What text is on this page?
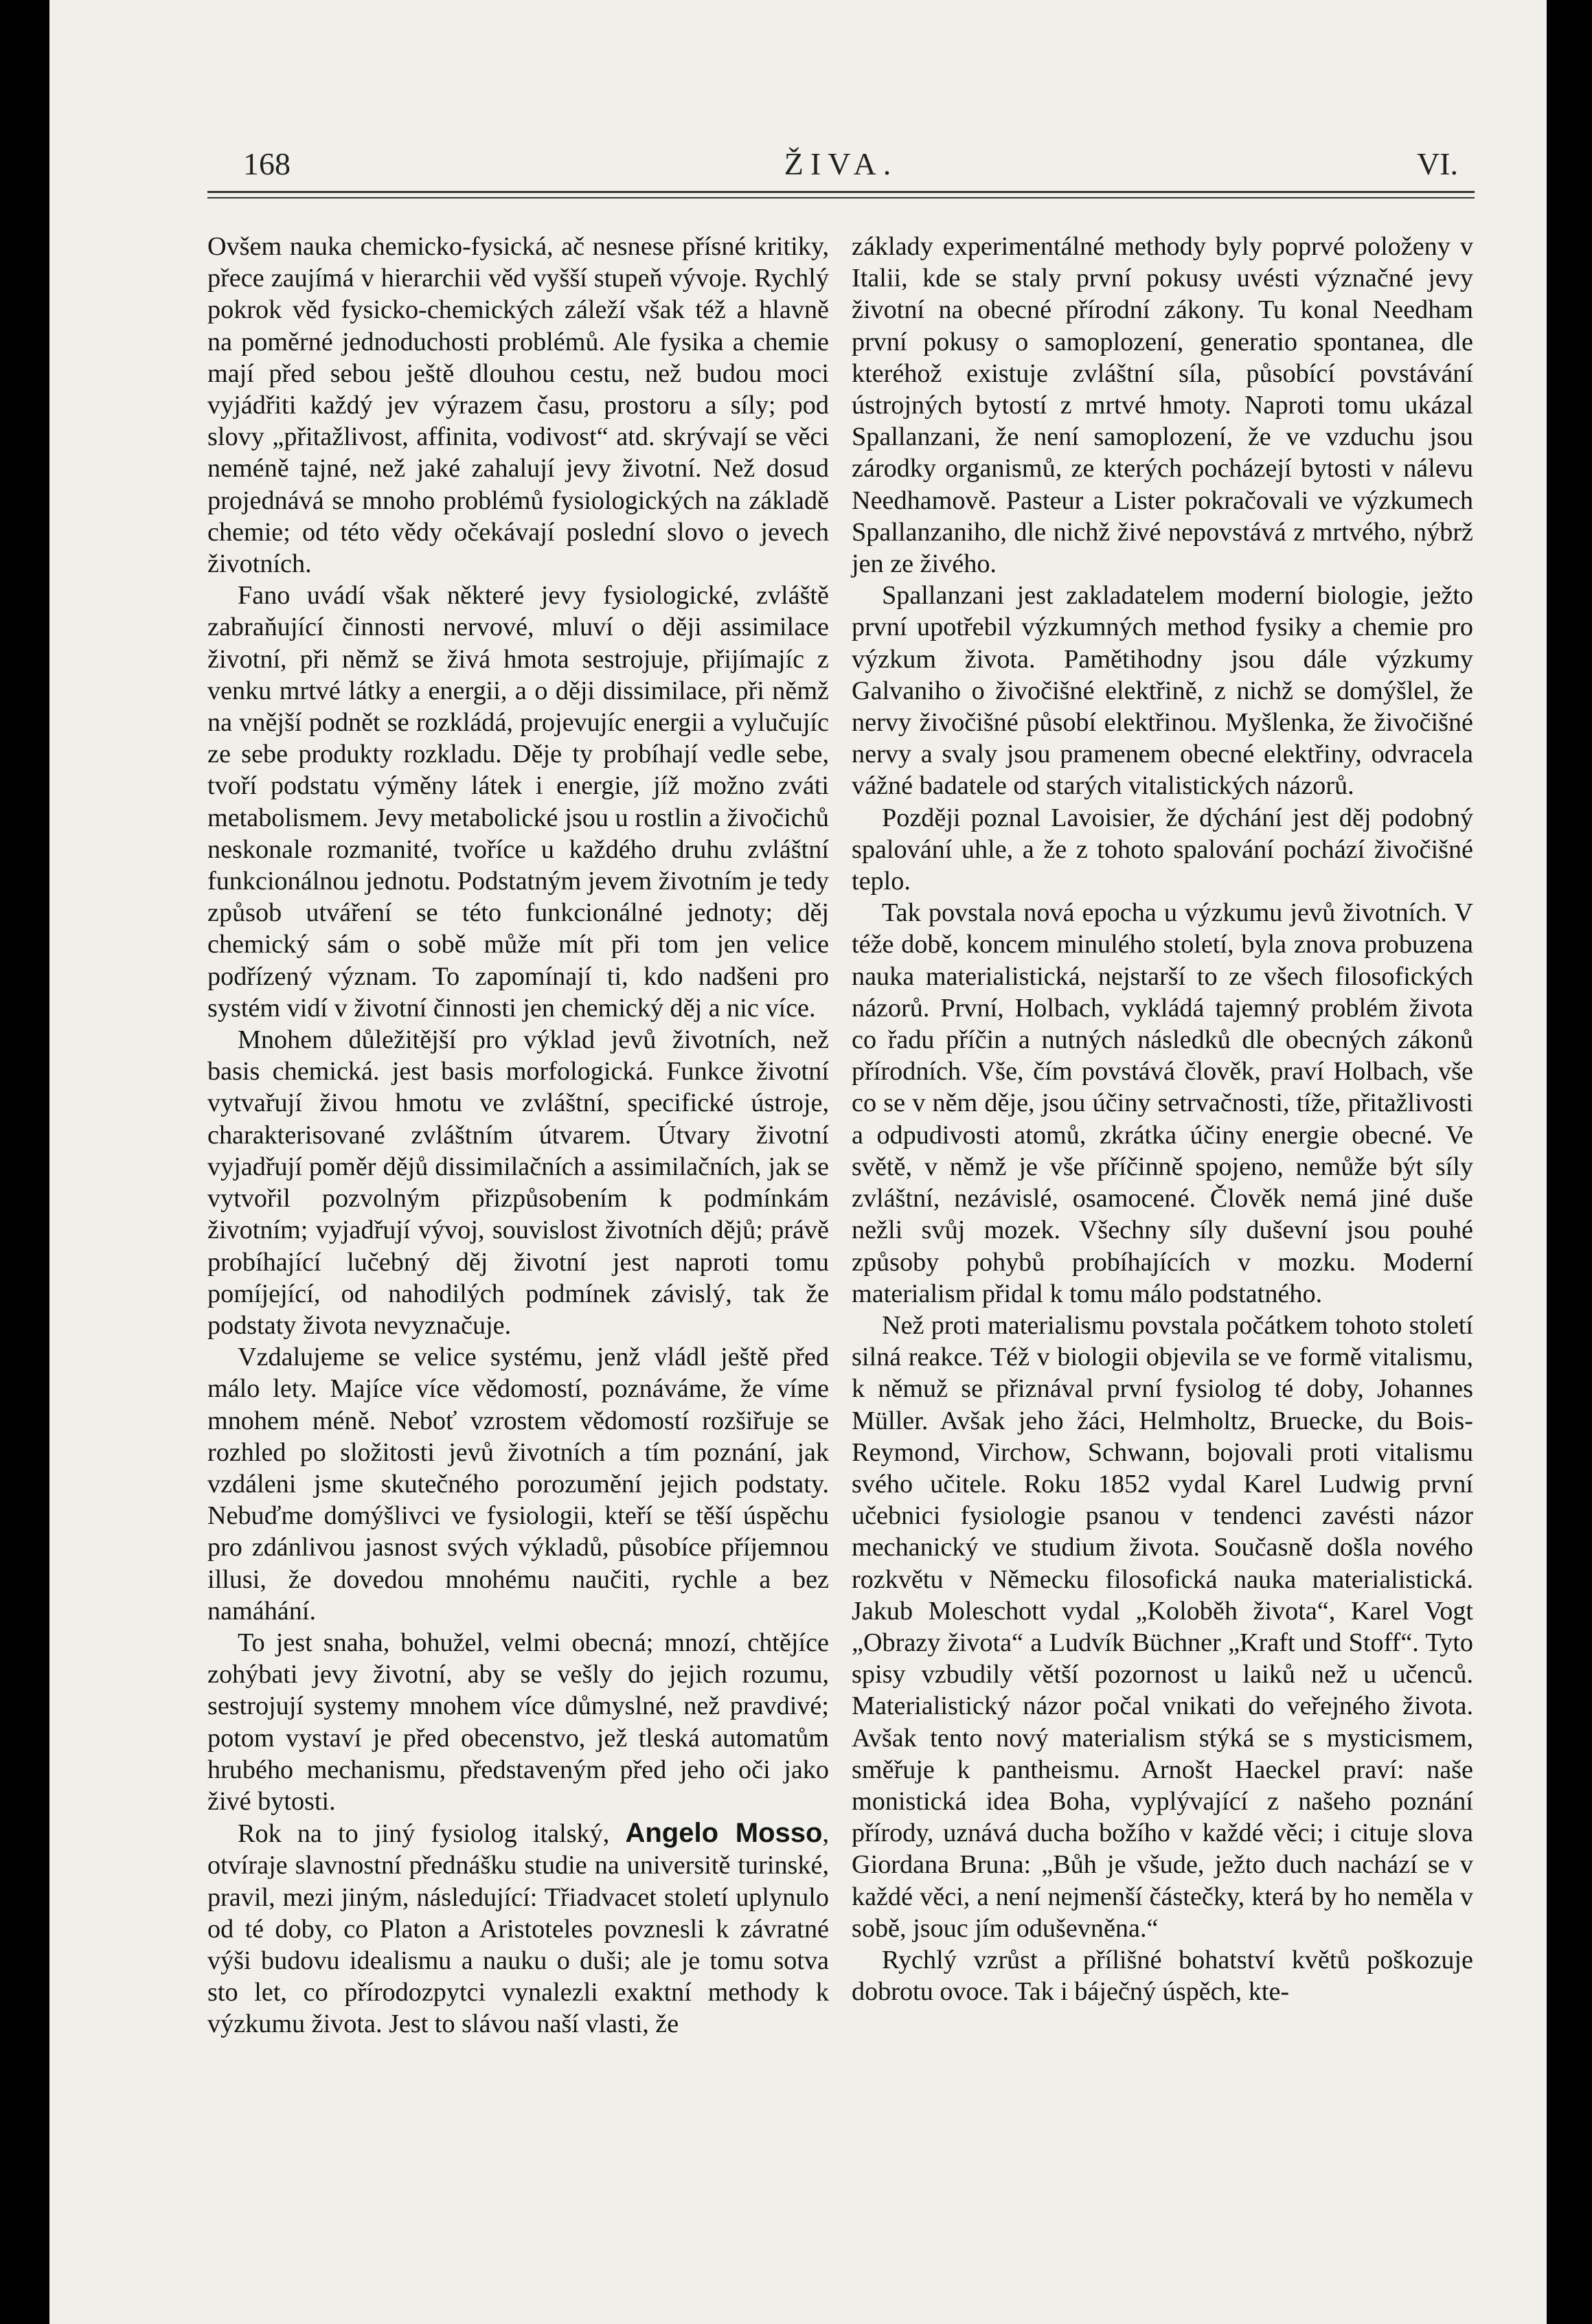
168	ŽIVA.	VI.

Ovšem nauka chemicko-fysická, ač nesnese přísné kritiky, přece zaujímá v hierarchii věd vyšší stupeň vývoje. Rychlý pokrok věd fysicko-chemických záleží však též a hlavně na poměrné jednoduchosti problémů. Ale fysika a chemie mají před sebou ještě dlouhou cestu, než budou moci vyjádřiti každý jev výrazem času, prostoru a síly; pod slovy „přitažlivost, affinita, vodivost“ atd. skrývají se věci neméně tajné, než jaké zahalují jevy životní. Než dosud projednává se mnoho problémů fysiologických na základě chemie; od této vědy očekávají poslední slovo o jevech životních.

Fano uvádí však některé jevy fysiologické, zvláště zabraňující činnosti nervové, mluví o ději assimilace životní, při němž se živá hmota sestrojuje, přijímajíc z venku mrtvé látky a energii, a o ději dissimilace, při němž na vnější podnět se rozkládá, projevujíc energii a vylučujíc ze sebe produkty rozkladu. Děje ty probíhají vedle sebe, tvoří podstatu výměny látek i energie, jíž možno zváti metabolismem. Jevy metabolické jsou u rostlin a živočichů neskonale rozmanité, tvoříce u každého druhu zvláštní funkcionálnou jednotu. Podstatným jevem životním je tedy způsob utváření se této funkcionálné jednoty; děj chemický sám o sobě může mít při tom jen velice podřízený význam. To zapomínají ti, kdo nadšeni pro systém vidí v životní činnosti jen chemický děj a nic více.

Mnohem důležitější pro výklad jevů životních, než basis chemická. jest basis morfologická. Funkce životní vytvařují živou hmotu ve zvláštní, specifické ústroje, charakterisované zvláštním útvarem. Útvary životní vyjadřují poměr dějů dissimilačních a assimilačních, jak se vytvořil pozvolným přizpůsobením k podmínkám životním; vyjadřují vývoj, souvislost životních dějů; právě probíhající lučebný děj životní jest naproti tomu pomíjející, od nahodilých podmínek závislý, tak že podstaty života nevyznačuje.

Vzdalujeme se velice systému, jenž vládl ještě před málo lety. Majíce více vědomostí, poznáváme, že víme mnohem méně. Neboť vzrostem vědomostí rozšiřuje se rozhled po složitosti jevů životních a tím poznání, jak vzdáleni jsme skutečného porozumění jejich podstaty. Nebuďme domýšlivci ve fysiologii, kteří se těší úspěchu pro zdánlivou jasnost svých výkladů, působíce příjemnou illusi, že dovedou mnohému naučiti, rychle a bez namáhání.

To jest snaha, bohužel, velmi obecná; mnozí, chtějíce zohýbati jevy životní, aby se vešly do jejich rozumu, sestrojují systemy mnohem více důmyslné, než pravdivé; potom vystaví je před obecenstvo, jež tleská automatům hrubého mechanismu, představeným před jeho oči jako živé bytosti.

Rok na to jiný fysiolog italský, Angelo Mosso, otvíraje slavnostní přednášku studie na universitě turinské, pravil, mezi jiným, následující: Třiadvacet století uplynulo od té doby, co Platon a Aristoteles povznesli k závratné výši budovu idealismu a nauku o duši; ale je tomu sotva sto let, co přírodozpytci vynalezli exaktní methody k výzkumu života. Jest to slávou naší vlasti, že

základy experimentálné methody byly poprvé položeny v Italii, kde se staly první pokusy uvésti význačné jevy životní na obecné přírodní zákony. Tu konal Needham první pokusy o samoplození, generatio spontanea, dle kteréhož existuje zvláštní síla, působící povstávání ústrojných bytostí z mrtvé hmoty. Naproti tomu ukázal Spallanzani, že není samoplození, že ve vzduchu jsou zárodky organismů, ze kterých pocházejí bytosti v nálevu Needhamově. Pasteur a Lister pokračovali ve výzkumech Spallanzaniho, dle nichž živé nepovstává z mrtvého, nýbrž jen ze živého.

Spallanzani jest zakladatelem moderní biologie, ježto první upotřebil výzkumných method fysiky a chemie pro výzkum života. Pamětihodny jsou dále výzkumy Galvaniho o živočišné elektřině, z nichž se domýšlel, že nervy živočišné působí elektřinou. Myšlenka, že živočišné nervy a svaly jsou pramenem obecné elektřiny, odvracela vážné badatele od starých vitalistických názorů.

Později poznal Lavoisier, že dýchání jest děj podobný spalování uhle, a že z tohoto spalování pochází živočišné teplo.

Tak povstala nová epocha u výzkumu jevů životních. V téže době, koncem minulého století, byla znova probuzena nauka materialistická, nejstarší to ze všech filosofických názorů. První, Holbach, vykládá tajemný problém života co řadu příčin a nutných následků dle obecných zákonů přírodních. Vše, čím povstává člověk, praví Holbach, vše co se v něm děje, jsou účiny setrvačnosti, tíže, přitažlivosti a odpudivosti atomů, zkrátka účiny energie obecné. Ve světě, v němž je vše příčinně spojeno, nemůže být síly zvláštní, nezávislé, osamocené. Člověk nemá jiné duše nežli svůj mozek. Všechny síly duševní jsou pouhé způsoby pohybů probíhajících v mozku. Moderní materialism přidal k tomu málo podstatného.

Než proti materialismu povstala počátkem tohoto století silná reakce. Též v biologii objevila se ve formě vitalismu, k němuž se přiznával první fysiolog té doby, Johannes Müller. Avšak jeho žáci, Helmholtz, Bruecke, du Bois-Reymond, Virchow, Schwann, bojovali proti vitalismu svého učitele. Roku 1852 vydal Karel Ludwig první učebnici fysiologie psanou v tendenci zavésti názor mechanický ve studium života. Současně došla nového rozkvětu v Německu filosofická nauka materialistická. Jakub Moleschott vydal „Koloběh života“, Karel Vogt „Obrazy života“ a Ludvík Büchner „Kraft und Stoff“. Tyto spisy vzbudily větší pozornost u laiků než u učenců. Materialistický názor počal vnikati do veřejného života. Avšak tento nový materialism stýká se s mysticismem, směřuje k pantheismu. Arnošt Haeckel praví: naše monistická idea Boha, vyplývající z našeho poznání přírody, uznává ducha božího v každé věci; i cituje slova Giordana Bruna: „Bůh je všude, ježto duch nachází se v každé věci, a není nejmenší částečky, která by ho neměla v sobě, jsouc jím oduševněna.“

Rychlý vzrůst a přílišné bohatství květů poškozuje dobrotu ovoce. Tak i báječný úspěch, kte-
